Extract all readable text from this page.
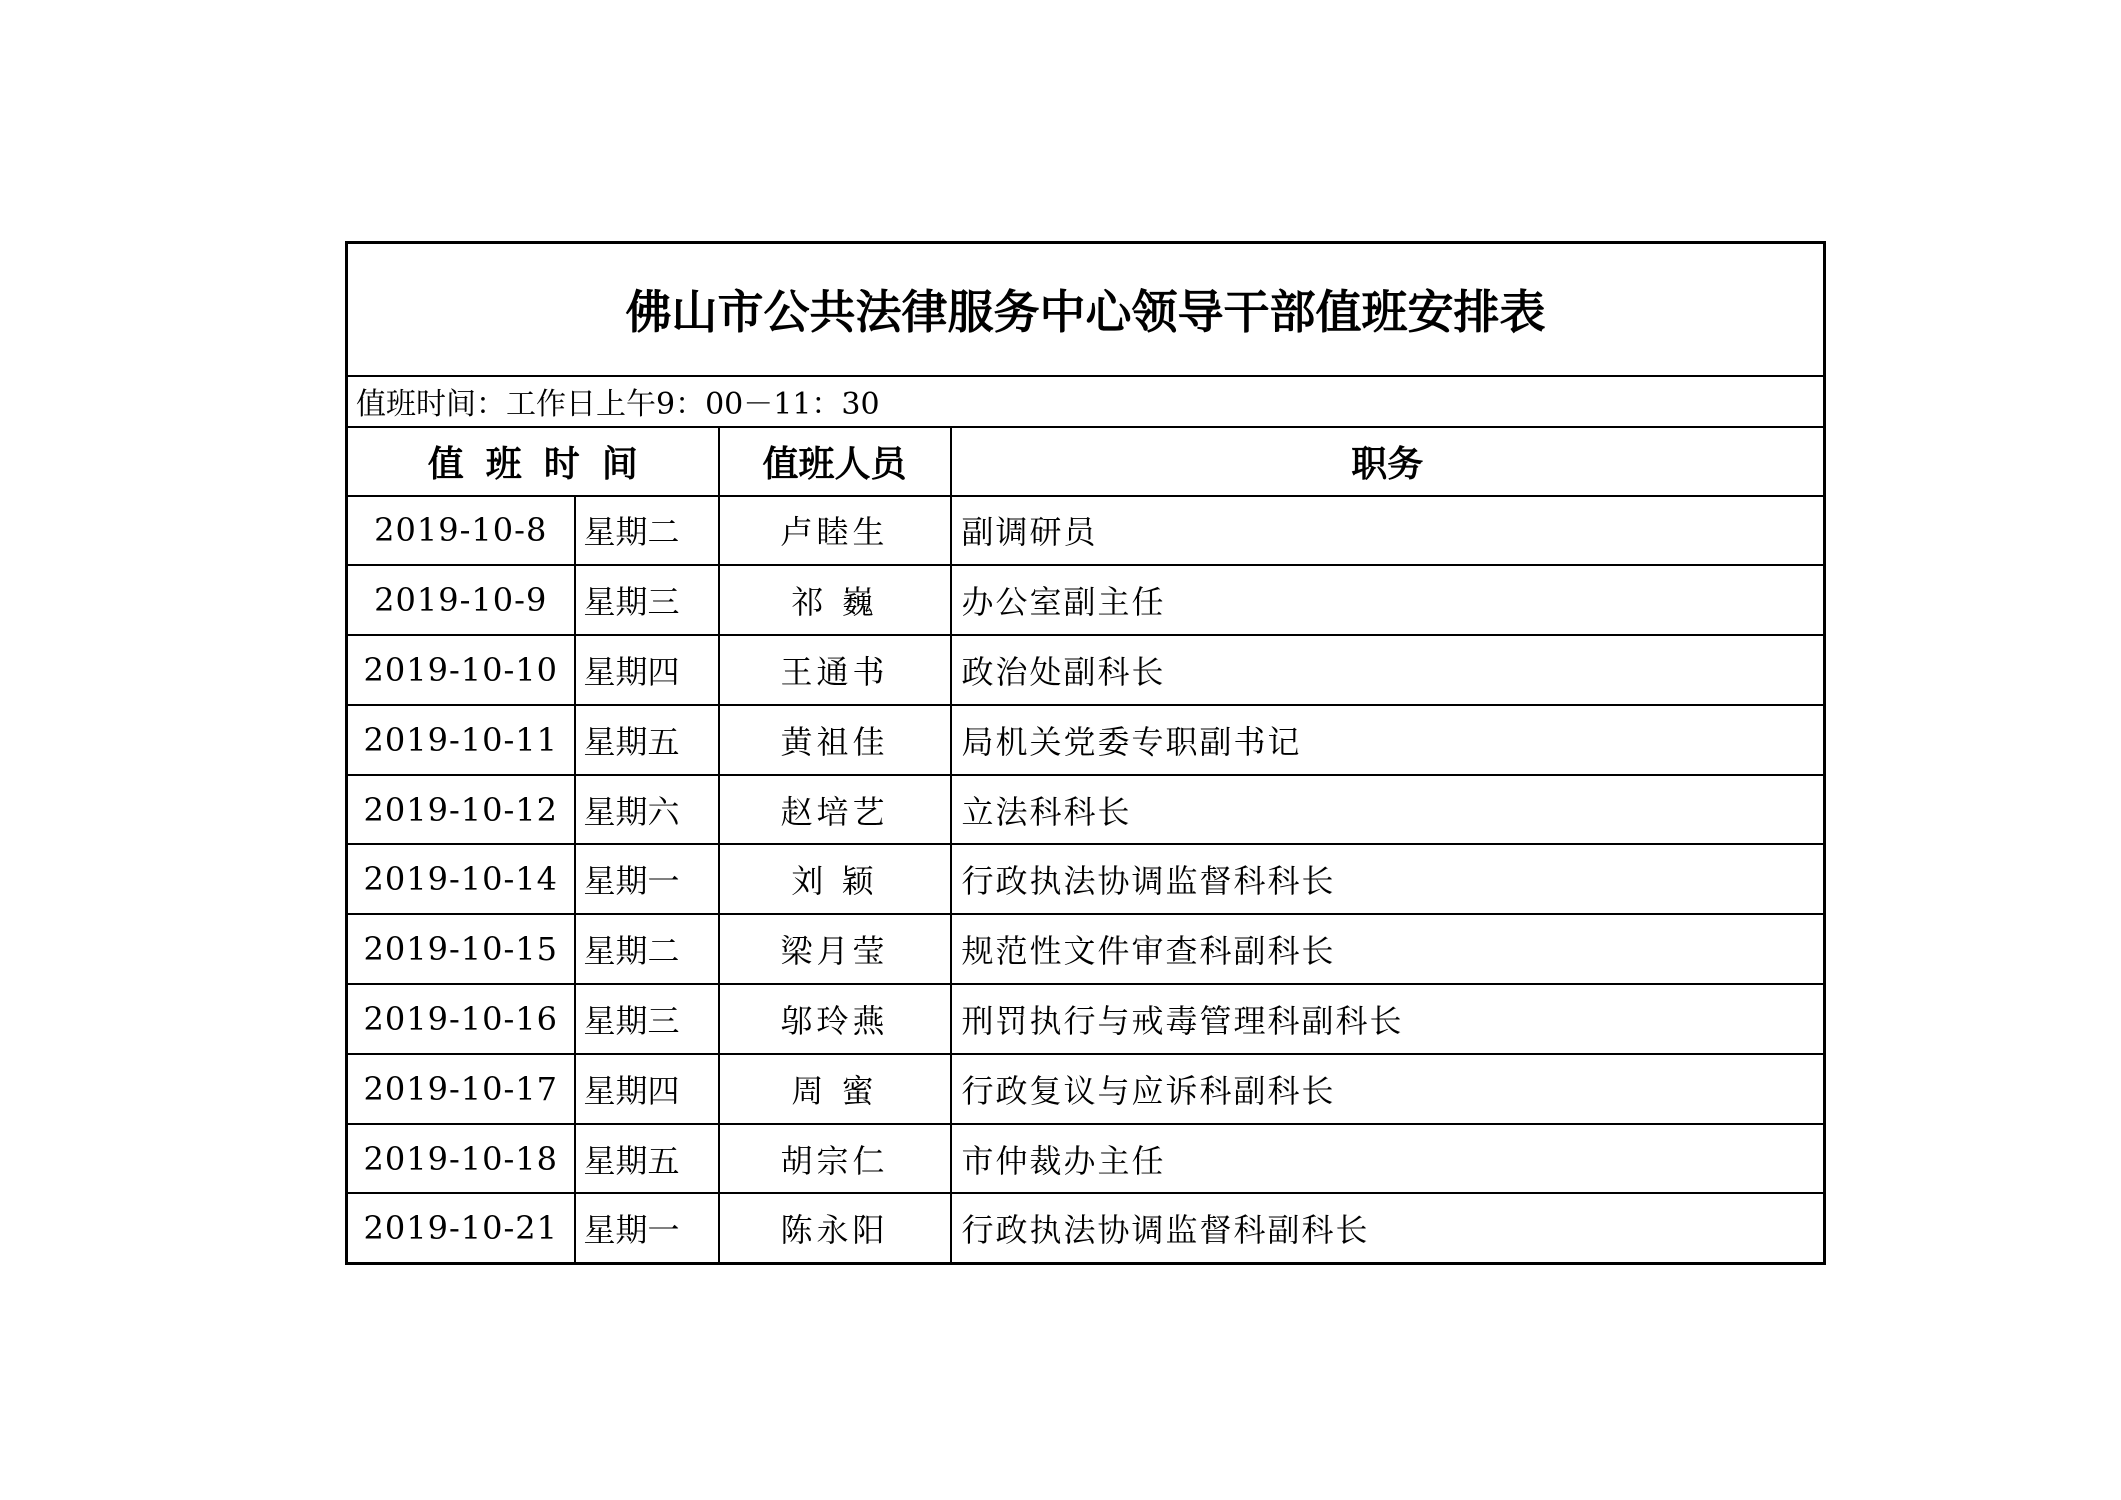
佛山市公共法律服务中心领导干部值班安排表			
值班时间：工作日上午9：00－11：30			
值班时间		值班人员	职务
2019-10-8	星期二	卢睦生	副调研员
2019-10-9	星期三	祁 巍	办公室副主任
2019-10-10	星期四	王通书	政治处副科长
2019-10-11	星期五	黄祖佳	局机关党委专职副书记
2019-10-12	星期六	赵培艺	立法科科长
2019-10-14	星期一	刘 颖	行政执法协调监督科科长
2019-10-15	星期二	梁月莹	规范性文件审查科副科长
2019-10-16	星期三	邬玲燕	刑罚执行与戒毒管理科副科长
2019-10-17	星期四	周 蜜	行政复议与应诉科副科长
2019-10-18	星期五	胡宗仁	市仲裁办主任
2019-10-21	星期一	陈永阳	行政执法协调监督科副科长
